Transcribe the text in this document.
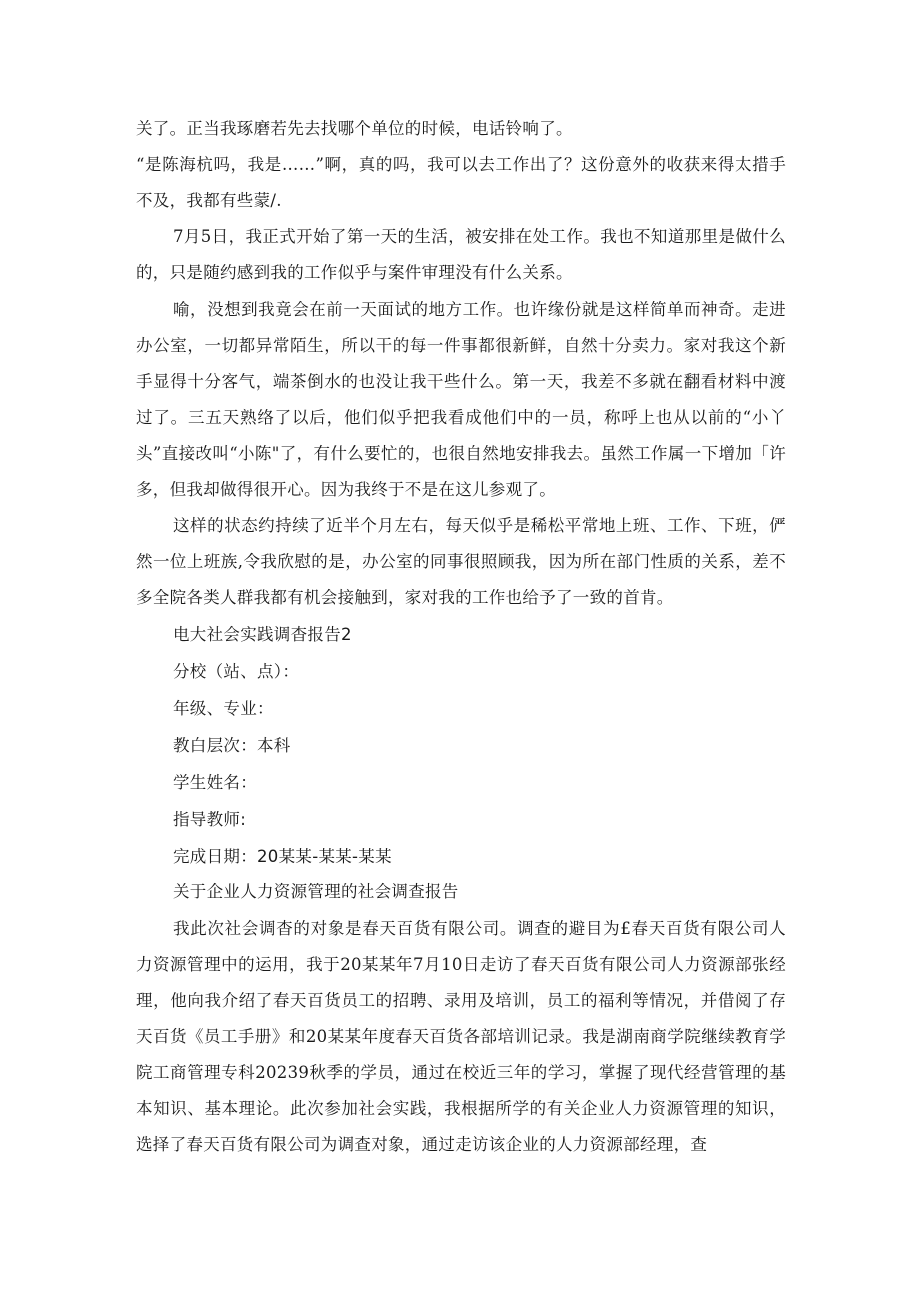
关了。正当我琢磨若先去找哪个单位的时候，电话铃响了。

“是陈海杭吗，我是……”啊，真的吗，我可以去工作出了？这份意外的收获来得太措手不及，我都有些蒙/.

7月5日，我正式开始了第一天的生活，被安排在处工作。我也不知道那里是做什么的，只是随约感到我的工作似乎与案件审理没有什么关系。

喻，没想到我竟会在前一天面试的地方工作。也许缘份就是这样简单而神奇。走进办公室，一切都异常陌生，所以干的每一件事都很新鲜，自然十分卖力。家对我这个新手显得十分客气，端茶倒水的也没让我干些什么。第一天，我差不多就在翻看材料中渡过了。三五天熟络了以后，他们似乎把我看成他们中的一员，称呼上也从以前的“小丫头”直接改叫“小陈"了，有什么要忙的，也很自然地安排我去。虽然工作属一下增加「许多，但我却做得很开心。因为我终于不是在这儿参观了。

这样的状态约持续了近半个月左右，每天似乎是稀松平常地上班、工作、下班，俨然一位上班族,令我欣慰的是，办公室的同事很照顾我，因为所在部门性质的关系，差不多全院各类人群我都有机会接触到，家对我的工作也给予了一致的首肯。

电大社会实践调杳报告2

分校（站、点）：

年级、专业：

教白层次：本科

学生姓名：

指导教师:

完成日期：20某某-某某-某某

关于企业人力资源管理的社会调查报告

我此次社会调杳的对象是春天百货有限公司。调查的避目为£春天百货有限公司人力资源管理中的运用，我于20某某年7月10日走访了春天百货有限公司人力资源部张经理，他向我介绍了春天百货员工的招聘、录用及培训，员工的福利等情况，并借阅了存天百货《员工手册》和20某某年度春天百货各部培训记录。我是湖南商学院继续教育学院工商管理专科20239秋季的学员，通过在校近三年的学习，掌握了现代经营管理的基本知识、基本理论。此次参加社会实践，我根据所学的有关企业人力资源管理的知识，选择了春天百货有限公司为调查对象，通过走访该企业的人力资源部经理，查
